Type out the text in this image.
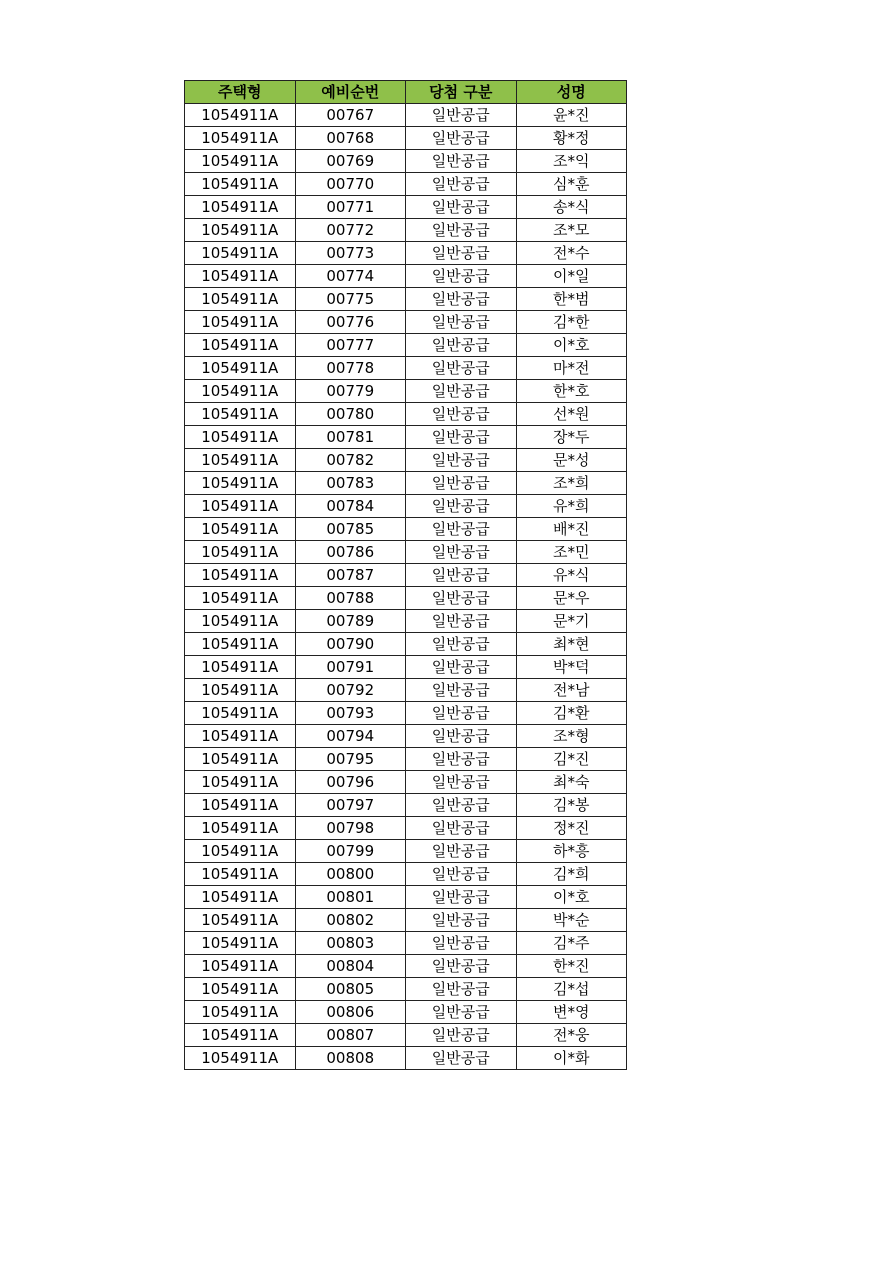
주택형	예비순번	당첨 구분	성명
1054911A	00767	일반공급	윤*진
1054911A	00768	일반공급	황*정
1054911A	00769	일반공급	조*익
1054911A	00770	일반공급	심*훈
1054911A	00771	일반공급	송*식
1054911A	00772	일반공급	조*모
1054911A	00773	일반공급	전*수
1054911A	00774	일반공급	이*일
1054911A	00775	일반공급	한*범
1054911A	00776	일반공급	김*한
1054911A	00777	일반공급	이*호
1054911A	00778	일반공급	마*전
1054911A	00779	일반공급	한*호
1054911A	00780	일반공급	선*원
1054911A	00781	일반공급	장*두
1054911A	00782	일반공급	문*성
1054911A	00783	일반공급	조*희
1054911A	00784	일반공급	유*희
1054911A	00785	일반공급	배*진
1054911A	00786	일반공급	조*민
1054911A	00787	일반공급	유*식
1054911A	00788	일반공급	문*우
1054911A	00789	일반공급	문*기
1054911A	00790	일반공급	최*현
1054911A	00791	일반공급	박*덕
1054911A	00792	일반공급	전*남
1054911A	00793	일반공급	김*환
1054911A	00794	일반공급	조*형
1054911A	00795	일반공급	김*진
1054911A	00796	일반공급	최*숙
1054911A	00797	일반공급	김*봉
1054911A	00798	일반공급	정*진
1054911A	00799	일반공급	하*흥
1054911A	00800	일반공급	김*희
1054911A	00801	일반공급	이*호
1054911A	00802	일반공급	박*순
1054911A	00803	일반공급	김*주
1054911A	00804	일반공급	한*진
1054911A	00805	일반공급	김*섭
1054911A	00806	일반공급	변*영
1054911A	00807	일반공급	전*웅
1054911A	00808	일반공급	이*화
